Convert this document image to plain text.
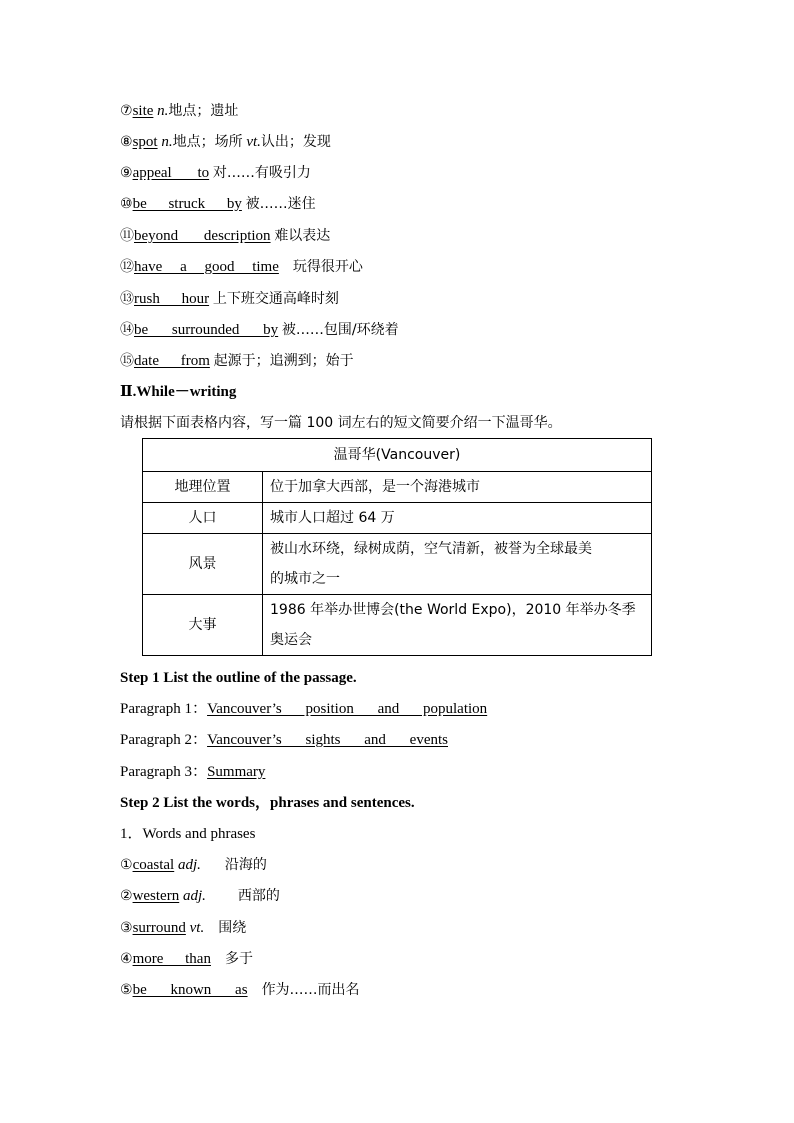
⑦site n.地点；遗址
⑧spot n.地点；场所 vt.认出；发现
⑨appeal to 对……有吸引力
⑩be struck by 被……迷住
⑪beyond description 难以表达
⑫have a good time 玩得很开心
⑬rush hour 上下班交通高峰时刻
⑭be surrounded by 被……包围/环绕着
⑮date from 起源于；追溯到；始于
Ⅱ.While－writing
请根据下面表格内容，写一篇 100 词左右的短文简要介绍一下温哥华。
温哥华(Vancouver)	
地理位置	位于加拿大西部，是一个海港城市
人口	城市人口超过 64 万
风景	被山水环绕，绿树成荫，空气清新，被誉为全球最美
的城市之一

大事	1986 年举办世博会(the World Expo)，2010 年举办冬季
奥运会
Step 1 List the outline of the passage.
Paragraph 1：Vancouver’s position and population
Paragraph 2：Vancouver’s sights and events
Paragraph 3：Summary
Step 2 List the words，phrases and sentences.
1．Words and phrases
①coastal adj. 沿海的
②western adj. 西部的
③surround vt. 围绕
④more than 多于
⑤be known as 作为……而出名
